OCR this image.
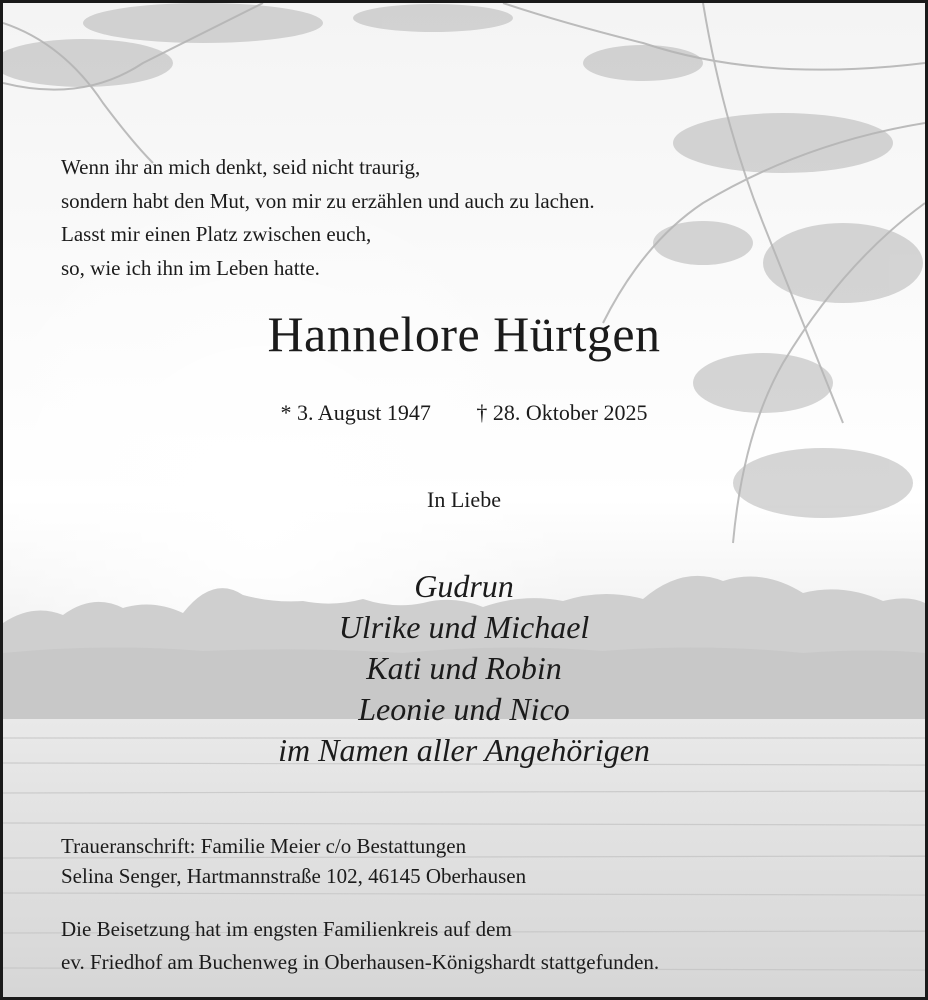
Wenn ihr an mich denkt, seid nicht traurig,
sondern habt den Mut, von mir zu erzählen und auch zu lachen.
Lasst mir einen Platz zwischen euch,
so, wie ich ihn im Leben hatte.
Hannelore Hürtgen
* 3. August 1947 † 28. Oktober 2025
In Liebe
Gudrun
Ulrike und Michael
Kati und Robin
Leonie und Nico
im Namen aller Angehörigen
Traueranschrift: Familie Meier c/o Bestattungen
Selina Senger, Hartmannstraße 102, 46145 Oberhausen
Die Beisetzung hat im engsten Familienkreis auf dem
ev. Friedhof am Buchenweg in Oberhausen-Königshardt stattgefunden.
